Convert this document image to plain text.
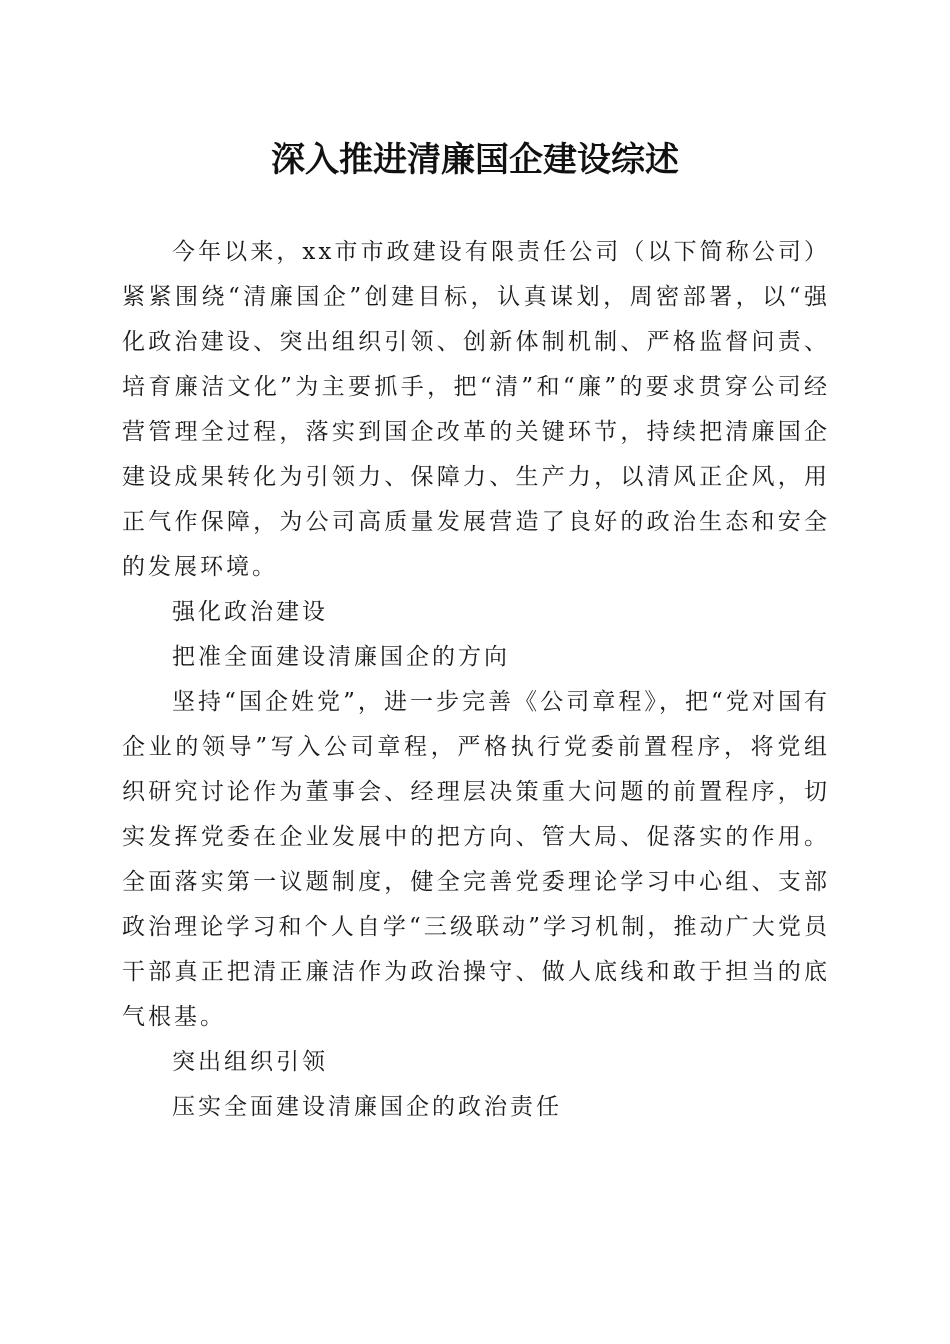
深入推进清廉国企建设综述

今年以来，xx市市政建设有限责任公司（以下简称公司）紧紧围绕“清廉国企”创建目标，认真谋划，周密部署，以“强化政治建设、突出组织引领、创新体制机制、严格监督问责、培育廉洁文化”为主要抓手，把“清”和“廉”的要求贯穿公司经营管理全过程，落实到国企改革的关键环节，持续把清廉国企建设成果转化为引领力、保障力、生产力，以清风正企风，用正气作保障，为公司高质量发展营造了良好的政治生态和安全的发展环境。

强化政治建设

把准全面建设清廉国企的方向

坚持“国企姓党”，进一步完善《公司章程》，把“党对国有企业的领导”写入公司章程，严格执行党委前置程序，将党组织研究讨论作为董事会、经理层决策重大问题的前置程序，切实发挥党委在企业发展中的把方向、管大局、促落实的作用。全面落实第一议题制度，健全完善党委理论学习中心组、支部政治理论学习和个人自学“三级联动”学习机制，推动广大党员干部真正把清正廉洁作为政治操守、做人底线和敢于担当的底气根基。

突出组织引领

压实全面建设清廉国企的政治责任
